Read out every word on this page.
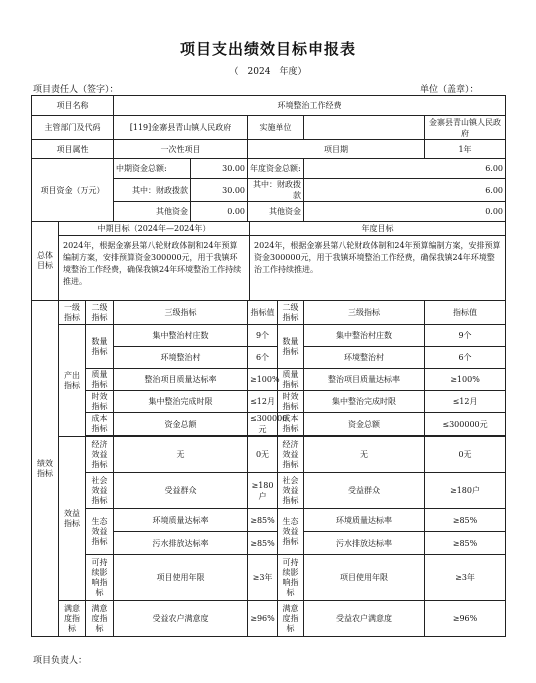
项目支出绩效目标申报表
（　2024　年度）
项目责任人（签字）：	单位（盖章）：
项目名称			环境整治工作经费						
主管部门及代码			[119]金寨县青山镇人民政府		实施单位				金寨县青山镇人民政府
项目属性			一次性项目		项目期				1年
项目资金（万元）			中期资金总额:	30.00	年度资金总额:			6.00	
			其中：财政拨款	30.00	其中：财政拨款			6.00	
			其他资金	0.00	其他资金			0.00	
总体目标	中期目标（2024年—2024年）					年度目标			
	2024年，根据金寨县第八轮财政体制和24年预算编制方案，安排预算资金300000元，用于我镇环境整治工作经费，确保我镇24年环境整治工作持续推进。					2024年，根据金寨县第八轮财政体制和24年预算编制方案，安排预算资金300000元，用于我镇环境整治工作经费，确保我镇24年环境整治工作持续推进。			
绩效指标	一级指标	二级指标	三级指标		指标值		二级指标	三级指标	指标值
	产出指标	数量指标	集中整治村庄数		9个		数量指标	集中整治村庄数	9个
			环境整治村		6个			环境整治村	6个
		质量指标	整治项目质量达标率		≥100%		质量指标	整治项目质量达标率	≥100%
		时效指标	集中整治完成时限		≤12月		时效指标	集中整治完成时限	≤12月
		成本指标	资金总额		≤300000元		成本指标	资金总额	≤300000元

	效益指标	经济效益指标	无		0无		经济效益指标	无	0无
		社会效益指标	受益群众		≥180户		社会效益指标	受益群众	≥180户
		生态效益指标	环境质量达标率		≥85%		生态效益指标	环境质量达标率	≥85%
			污水排放达标率		≥85%			污水排放达标率	≥85%
		可持续影响指标	项目使用年限		≥3年		可持续影响指标	项目使用年限	≥3年
	满意度指标	满意度指标	受益农户满意度		≥96%		满意度指标	受益农户满意度	≥96%
项目负责人：
